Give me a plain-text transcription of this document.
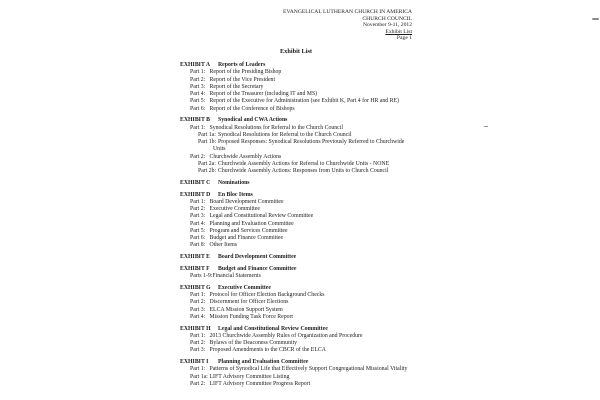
EVANGELICAL LUTHERAN CHURCH IN AMERICA
CHURCH COUNCIL
November 9-11, 2012
Exhibit List
Page 1
Exhibit List
EXHIBIT A Reports of Leaders
Part 1: Report of the Presiding Bishop
Part 2: Report of the Vice President
Part 3: Report of the Secretary
Part 4: Report of the Treasurer (including IT and MS)
Part 5: Report of the Executive for Administration (see Exhibit K, Part 4 for HR and RE)
Part 6: Report of the Conference of Bishops
EXHIBIT B Synodical and CWA Actions
Part 1: Synodical Resolutions for Referral to the Church Council
Part 1a: Synodical Resolutions for Referral to the Church Council
Part 1b: Proposed Responses: Synodical Resolutions Previously Referred to Churchwide
Units
Part 2: Churchwide Assembly Actions
Part 2a: Churchwide Assembly Actions for Referral to Churchwide Units - NONE
Part 2b: Churchwide Assembly Actions: Responses from Units to Church Council
EXHIBIT C Nominations
EXHIBIT D En Bloc Items
Part 1: Board Development Committee
Part 2: Executive Committee
Part 3: Legal and Constitutional Review Committee
Part 4: Planning and Evaluation Committee
Part 5: Program and Services Committee
Part 6: Budget and Finance Committee
Part 8: Other Items
EXHIBIT E Board Development Committee
EXHIBIT F Budget and Finance Committee
Parts 1-9: Financial Statements
EXHIBIT G Executive Committee
Part 1: Protocol for Officer Election Background Checks
Part 2: Discernment for Officer Elections
Part 3: ELCA Mission Support System
Part 4: Mission Funding Task Force Report
EXHIBIT H Legal and Constitutional Review Committee
Part 1: 2013 Churchwide Assembly Rules of Organization and Procedure
Part 2: Bylaws of the Deaconess Community
Part 3: Proposed Amendments to the CBCR of the ELCA
EXHIBIT I Planning and Evaluation Committee
Part 1: Patterns of Synodical Life that Effectively Support Congregational Missional Vitality
Part 1a: LIFT Advisory Committee Listing
Part 2: LIFT Advisory Committee Progress Report
